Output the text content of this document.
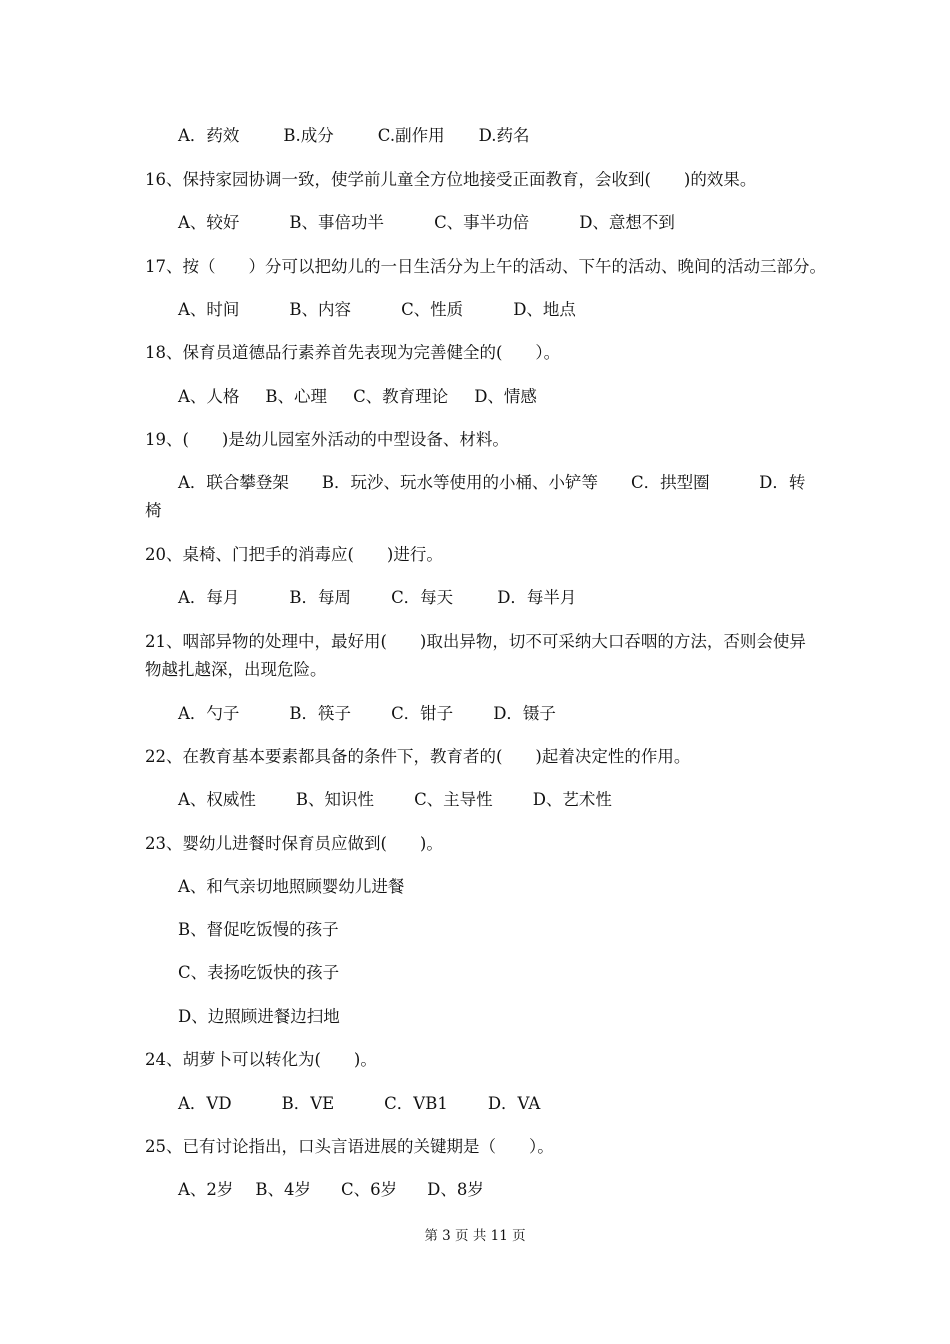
A．药效	B.成分	C.副作用 D.药名
16、保持家园协调一致，使学前儿童全方位地接受正面教育，会收到(　　)的效果。
A、较好	B、事倍功半	C、事半功倍	D、意想不到
17、按（　　）分可以把幼儿的一日生活分为上午的活动、下午的活动、晚间的活动三部分。
A、时间	B、内容	C、性质	D、地点
18、保育员道德品行素养首先表现为完善健全的(　　）。
A、人格 B、心理 C、教育理论 D、情感
19、(　　)是幼儿园室外活动的中型设备、材料。
A．联合攀登架　　B．玩沙、玩水等使用的小桶、小铲等　　C．拱型圈　　　D．转椅
20、桌椅、门把手的消毒应(　　)进行。
A．每月	B．每周 C．每天	D．每半月
21、咽部异物的处理中，最好用(　　)取出异物，切不可采纳大口吞咽的方法，否则会使异物越扎越深，出现危险。
A．勺子	B．筷子 C．钳子 D．镊子
22、在教育基本要素都具备的条件下，教育者的(　　)起着决定性的作用。
A、权威性 B、知识性 C、主导性 D、艺术性
23、婴幼儿进餐时保育员应做到(　　)。
A、和气亲切地照顾婴幼儿进餐
B、督促吃饭慢的孩子
C、表扬吃饭快的孩子
D、边照顾进餐边扫地
24、胡萝卜可以转化为(　　)。
A．VD	B．VE	C．VB1 D．VA
25、已有讨论指出，口头言语进展的关键期是（　　）。
A、2岁 B、4岁 C、6岁 D、8岁
第 3 页 共 11 页
